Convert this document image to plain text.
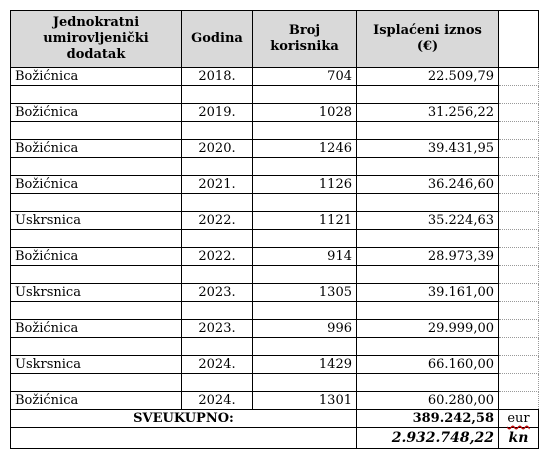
Jednokratni umirovljenički dodatak	Godina	Broj korisnika	Isplaćeni iznos (€)	
Božićnica	2018.	704	22.509,79	

Božićnica	2019.	1028	31.256,22	

Božićnica	2020.	1246	39.431,95	

Božićnica	2021.	1126	36.246,60	

Uskrsnica	2022.	1121	35.224,63	

Božićnica	2022.	914	28.973,39	

Uskrsnica	2023.	1305	39.161,00	

Božićnica	2023.	996	29.999,00	

Uskrsnica	2024.	1429	66.160,00	

Božićnica	2024.	1301	60.280,00	
SVEUKUPNO:			389.242,58	eur
			2.932.748,22	kn
